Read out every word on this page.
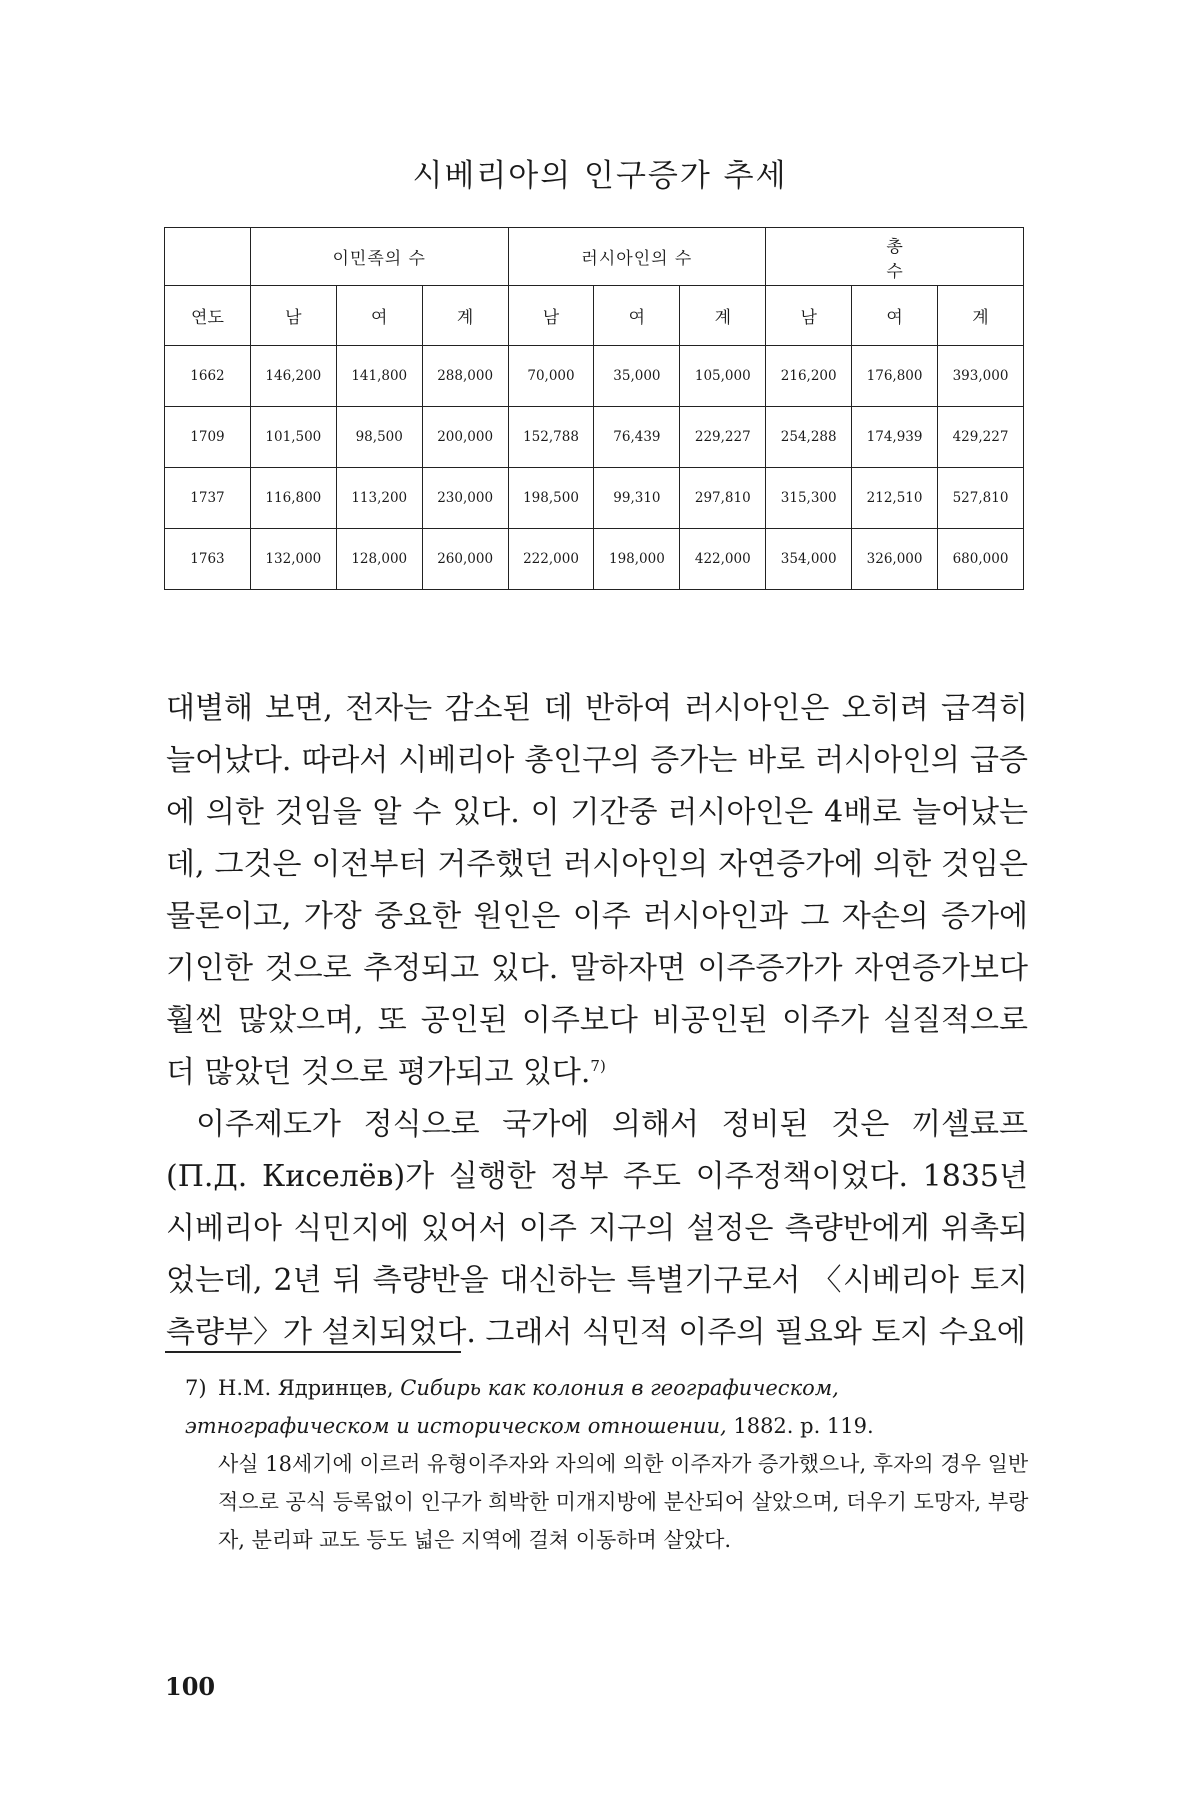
시베리아의 인구증가 추세
	이민족의 수			러시아인의 수			총 수		
연도	남	여	계	남	여	계	남	여	계
1662	146,200	141,800	288,000	70,000	35,000	105,000	216,200	176,800	393,000
1709	101,500	98,500	200,000	152,788	76,439	229,227	254,288	174,939	429,227
1737	116,800	113,200	230,000	198,500	99,310	297,810	315,300	212,510	527,810
1763	132,000	128,000	260,000	222,000	198,000	422,000	354,000	326,000	680,000

대별해 보면, 전자는 감소된 데 반하여 러시아인은 오히려 급격히 늘어났다. 따라서 시베리아 총인구의 증가는 바로 러시아인의 급증에 의한 것임을 알 수 있다. 이 기간중 러시아인은 4배로 늘어났는데, 그것은 이전부터 거주했던 러시아인의 자연증가에 의한 것임은 물론이고, 가장 중요한 원인은 이주 러시아인과 그 자손의 증가에 기인한 것으로 추정되고 있다. 말하자면 이주증가가 자연증가보다 훨씬 많았으며, 또 공인된 이주보다 비공인된 이주가 실질적으로 더 많았던 것으로 평가되고 있다.$^{7)}$

이주제도가 정식으로 국가에 의해서 정비된 것은 끼셀료프(П.Д. Киселёв)가 실행한 정부 주도 이주정책이었다. 1835년 시베리아 식민지에 있어서 이주 지구의 설정은 측량반에게 위촉되었는데, 2년 뒤 측량반을 대신하는 특별기구로서 〈시베리아 토지측량부〉가 설치되었다. 그래서 식민적 이주의 필요와 토지 수요에

7) Н.М. Ядринцев, Сибирь как колония в географическом, этнографическом и историческом отношении, 1882. p. 119.
사실 18세기에 이르러 유형이주자와 자의에 의한 이주자가 증가했으나, 후자의 경우 일반적으로 공식 등록없이 인구가 희박한 미개지방에 분산되어 살았으며, 더우기 도망자, 부랑자, 분리파 교도 등도 넓은 지역에 걸쳐 이동하며 살았다.
100
